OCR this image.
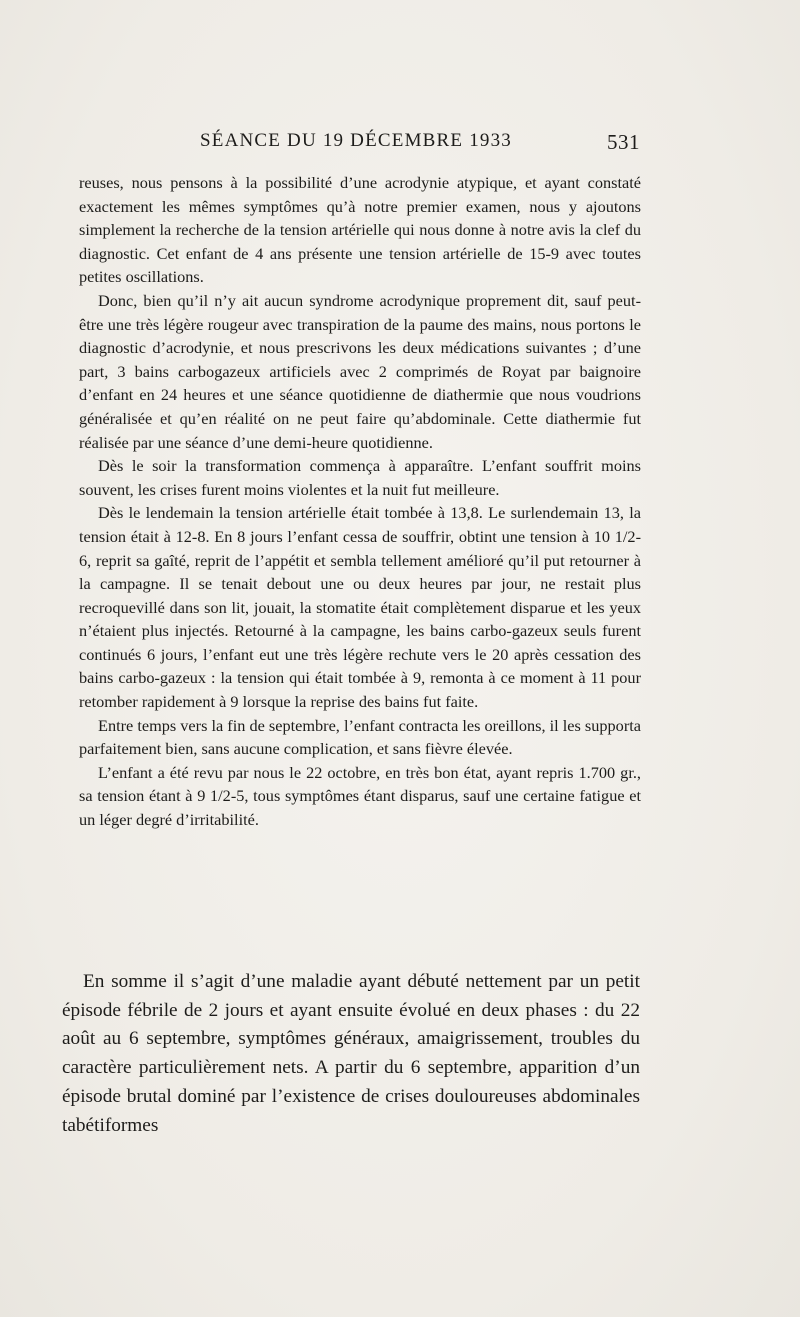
SÉANCE DU 19 DÉCEMBRE 1933	531

reuses, nous pensons à la possibilité d’une acrodynie atypique, et ayant constaté exactement les mêmes symptômes qu’à notre premier examen, nous y ajoutons simplement la recherche de la tension artérielle qui nous donne à notre avis la clef du diagnostic. Cet enfant de 4 ans présente une tension artérielle de 15-9 avec toutes petites oscillations.

Donc, bien qu’il n’y ait aucun syndrome acrodynique proprement dit, sauf peut-être une très légère rougeur avec transpiration de la paume des mains, nous portons le diagnostic d’acrodynie, et nous prescrivons les deux médications suivantes ; d’une part, 3 bains carbogazeux artificiels avec 2 comprimés de Royat par baignoire d’enfant en 24 heures et une séance quotidienne de diathermie que nous voudrions généralisée et qu’en réalité on ne peut faire qu’abdominale. Cette diathermie fut réalisée par une séance d’une demi-heure quotidienne.

Dès le soir la transformation commença à apparaître. L’enfant souffrit moins souvent, les crises furent moins violentes et la nuit fut meilleure.

Dès le lendemain la tension artérielle était tombée à 13,8. Le surlendemain 13, la tension était à 12-8. En 8 jours l’enfant cessa de souffrir, obtint une tension à 10 1/2-6, reprit sa gaîté, reprit de l’appétit et sembla tellement amélioré qu’il put retourner à la campagne. Il se tenait debout une ou deux heures par jour, ne restait plus recroquevillé dans son lit, jouait, la stomatite était complètement disparue et les yeux n’étaient plus injectés. Retourné à la campagne, les bains carbo-gazeux seuls furent continués 6 jours, l’enfant eut une très légère rechute vers le 20 après cessation des bains carbo-gazeux : la tension qui était tombée à 9, remonta à ce moment à 11 pour retomber rapidement à 9 lorsque la reprise des bains fut faite.

Entre temps vers la fin de septembre, l’enfant contracta les oreillons, il les supporta parfaitement bien, sans aucune complication, et sans fièvre élevée.

L’enfant a été revu par nous le 22 octobre, en très bon état, ayant repris 1.700 gr., sa tension étant à 9 1/2-5, tous symptômes étant disparus, sauf une certaine fatigue et un léger degré d’irritabilité.

En somme il s’agit d’une maladie ayant débuté nettement par un petit épisode fébrile de 2 jours et ayant ensuite évolué en deux phases : du 22 août au 6 septembre, symptômes généraux, amaigrissement, troubles du caractère particulièrement nets. A partir du 6 septembre, apparition d’un épisode brutal dominé par l’existence de crises douloureuses abdominales tabétiformes
